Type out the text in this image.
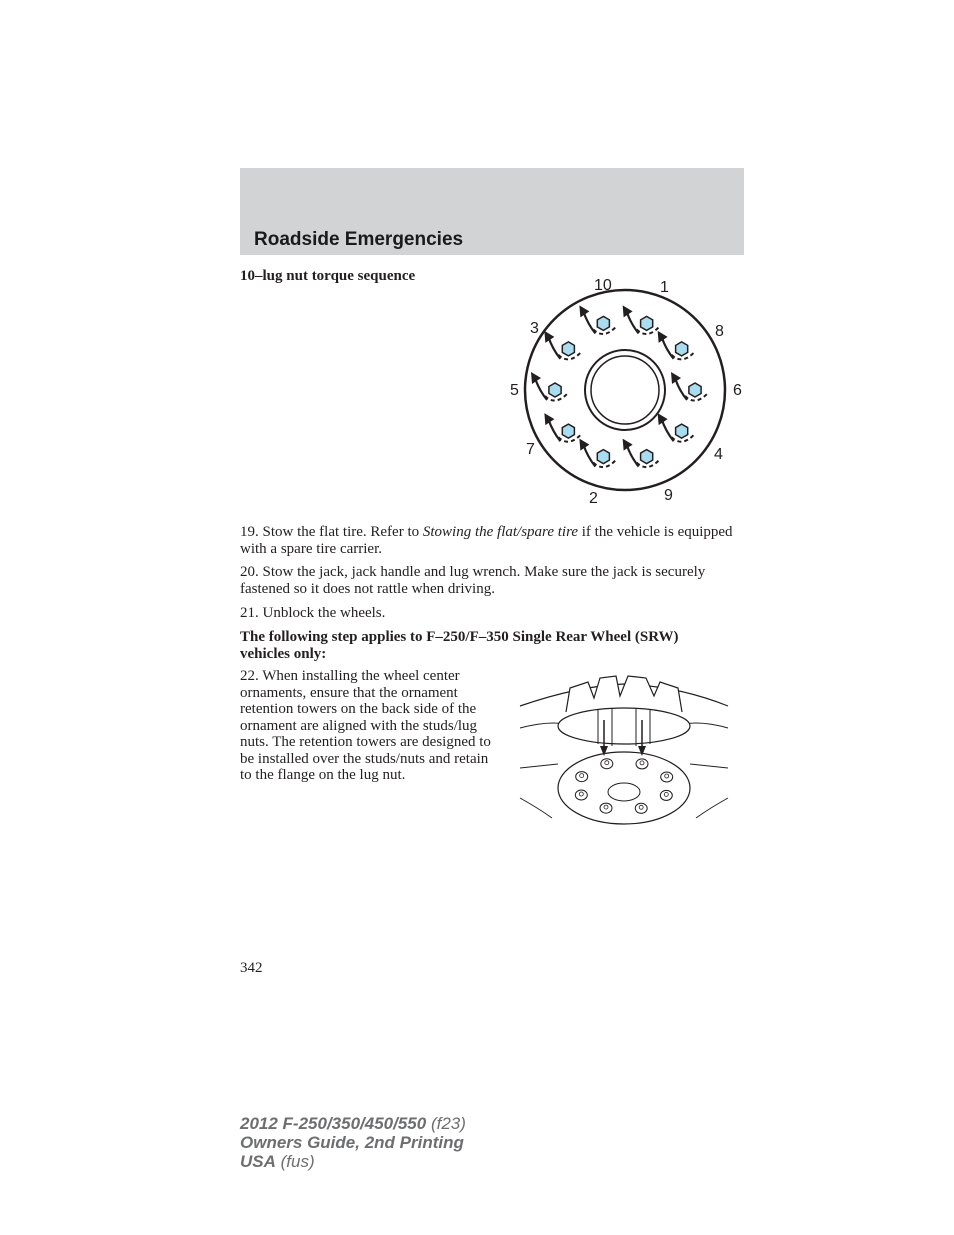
Roadside Emergencies
10–lug nut torque sequence
10	1
3	8
5	6
7	4
2	9

19. Stow the flat tire. Refer to Stowing the flat/spare tire if the vehicle is equipped with a spare tire carrier.

20. Stow the jack, jack handle and lug wrench. Make sure the jack is securely fastened so it does not rattle when driving.

21. Unblock the wheels.

The following step applies to F–250/F–350 Single Rear Wheel (SRW) vehicles only:

22. When installing the wheel center ornaments, ensure that the ornament retention towers on the back side of the ornament are aligned with the studs/lug nuts. The retention towers are designed to be installed over the studs/nuts and retain to the flange on the lug nut.

342
2012 F-250/350/450/550 (f23)
Owners Guide, 2nd Printing
USA (fus)
